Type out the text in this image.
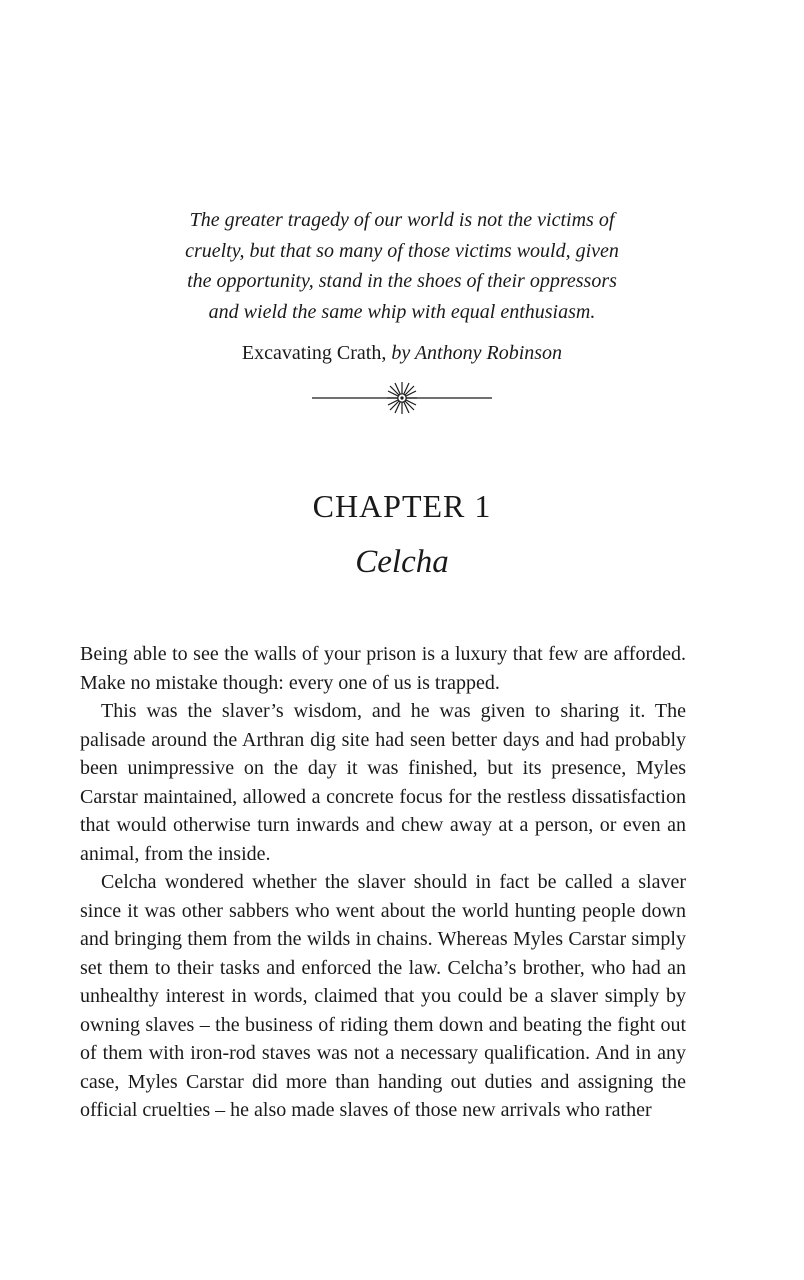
The greater tragedy of our world is not the victims of

cruelty, but that so many of those victims would, given

the opportunity, stand in the shoes of their oppressors

and wield the same whip with equal enthusiasm.

Excavating Crath, by Anthony Robinson
CHAPTER 1
Celcha

Being able to see the walls of your prison is a luxury that few are afforded. Make no mistake though: every one of us is trapped.

This was the slaver’s wisdom, and he was given to sharing it. The palisade around the Arthran dig site had seen better days and had probably been unimpressive on the day it was finished, but its presence, Myles Carstar maintained, allowed a concrete focus for the restless dissatisfaction that would otherwise turn inwards and chew away at a person, or even an animal, from the inside.

Celcha wondered whether the slaver should in fact be called a slaver since it was other sabbers who went about the world hunting people down and bringing them from the wilds in chains. Whereas Myles Carstar simply set them to their tasks and enforced the law. Celcha’s brother, who had an unhealthy interest in words, claimed that you could be a slaver simply by owning slaves – the business of riding them down and beating the fight out of them with iron-rod staves was not a necessary qualification. And in any case, Myles Carstar did more than handing out duties and assigning the official cruelties – he also made slaves of those new arrivals who rather
